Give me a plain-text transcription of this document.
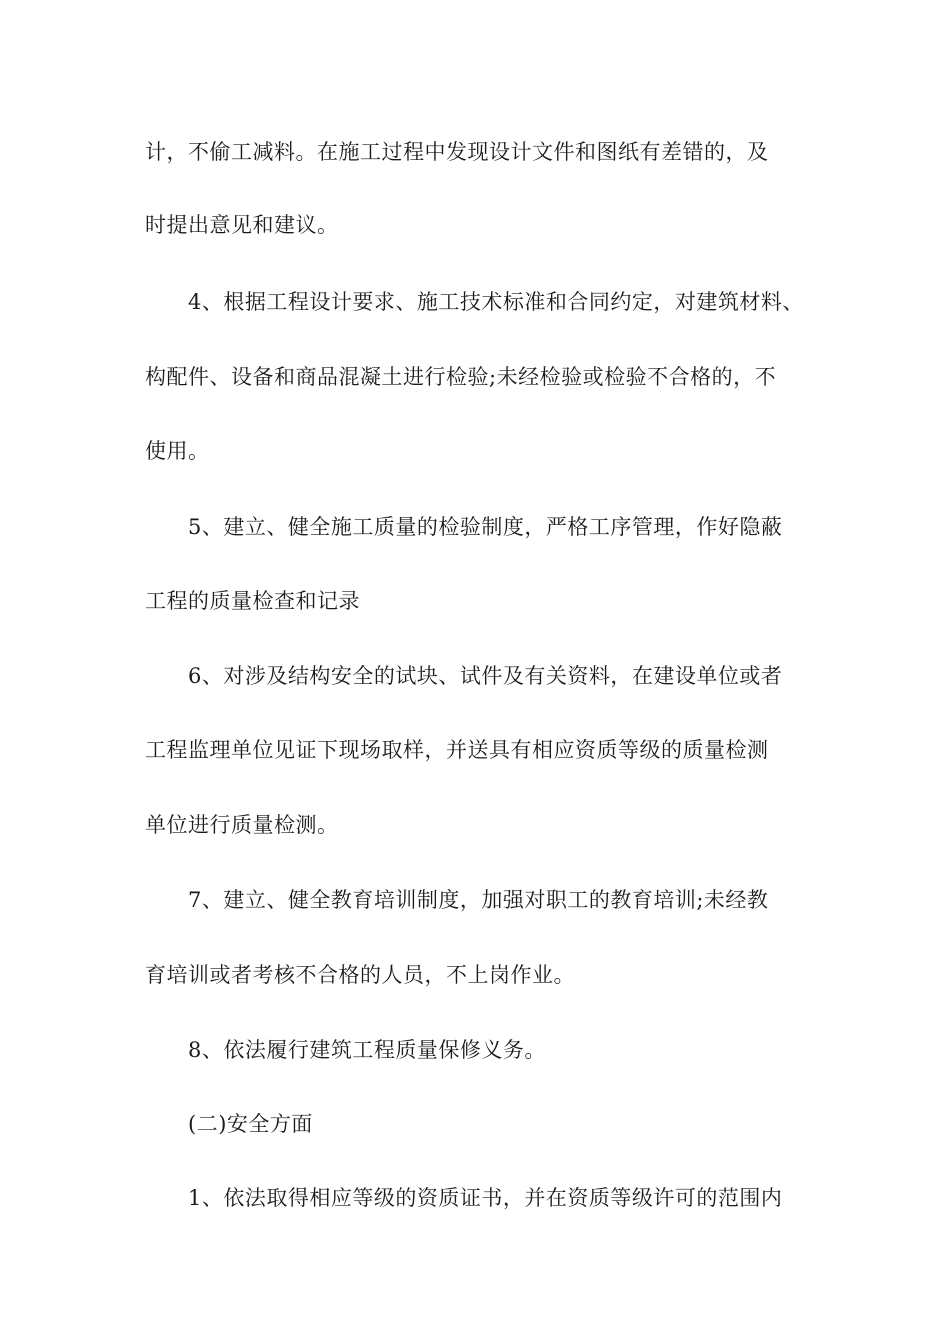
计，不偷工减料。在施工过程中发现设计文件和图纸有差错的，及
时提出意见和建议。
4、根据工程设计要求、施工技术标准和合同约定，对建筑材料、
构配件、设备和商品混凝土进行检验;未经检验或检验不合格的，不
使用。
5、建立、健全施工质量的检验制度，严格工序管理，作好隐蔽
工程的质量检查和记录
6、对涉及结构安全的试块、试件及有关资料，在建设单位或者
工程监理单位见证下现场取样，并送具有相应资质等级的质量检测
单位进行质量检测。
7、建立、健全教育培训制度，加强对职工的教育培训;未经教
育培训或者考核不合格的人员，不上岗作业。
8、依法履行建筑工程质量保修义务。
(二)安全方面
1、依法取得相应等级的资质证书，并在资质等级许可的范围内
